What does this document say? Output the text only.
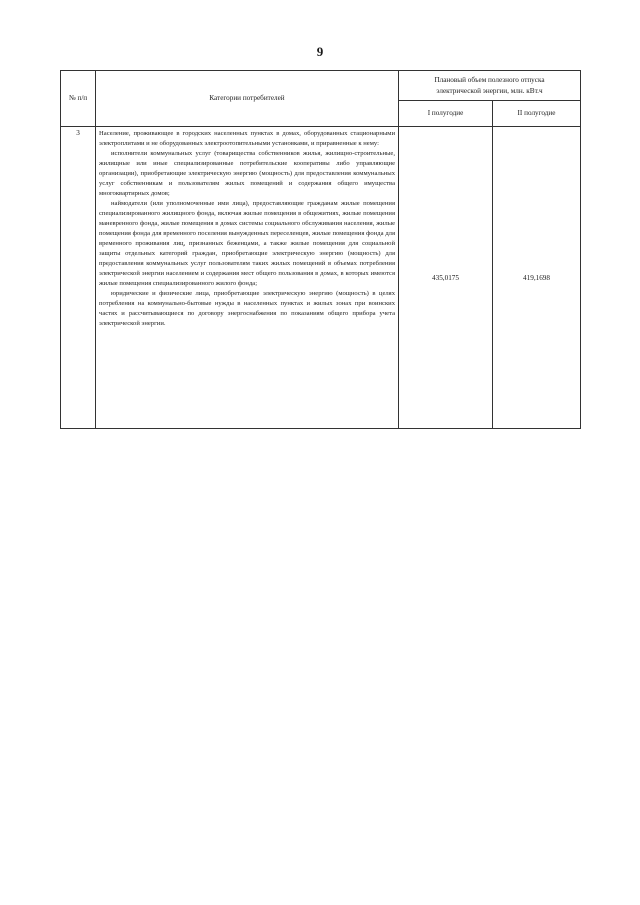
9
№ п/п	Категории потребителей	Плановый объем полезного отпуска электрической энергии, млн. кВт.ч	
		I полугодие	II полугодие
3	Население, проживающее в городских населенных пунктах в домах, оборудованных стационарными электроплитами и не оборудованных электроотопительными установками, и приравненные к нему:

исполнители коммунальных услуг (товарищества собственников жилья, жилищно-строительные, жилищные или иные специализированные потребительские кооперативы либо управляющие организации), приобретающие электрическую энергию (мощность) для предоставления коммунальных услуг собственникам и пользователям жилых помещений и содержания общего имущества многоквартирных домов;

наймодатели (или уполномоченные ими лица), предоставляющие гражданам жилые помещения специализированного жилищного фонда, включая жилые помещения в общежитиях, жилые помещения маневренного фонда, жилые помещения в домах системы социального обслуживания населения, жилые помещения фонда для временного поселения вынужденных переселенцев, жилые помещения фонда для временного проживания лиц, признанных беженцами, а также жилые помещения для социальной защиты отдельных категорий граждан, приобретающие электрическую энергию (мощность) для предоставления коммунальных услуг пользователям таких жилых помещений в объемах потребления электрической энергии населением и содержания мест общего пользования в домах, в которых имеются жилые помещения специализированного жилого фонда;

юридические и физические лица, приобретающие электрическую энергию (мощность) в целях потребления на коммунально-бытовые нужды в населенных пунктах и жилых зонах при воинских частях и рассчитывающиеся по договору энергоснабжения по показаниям общего прибора учета электрической энергии.	435,0175	419,1698
